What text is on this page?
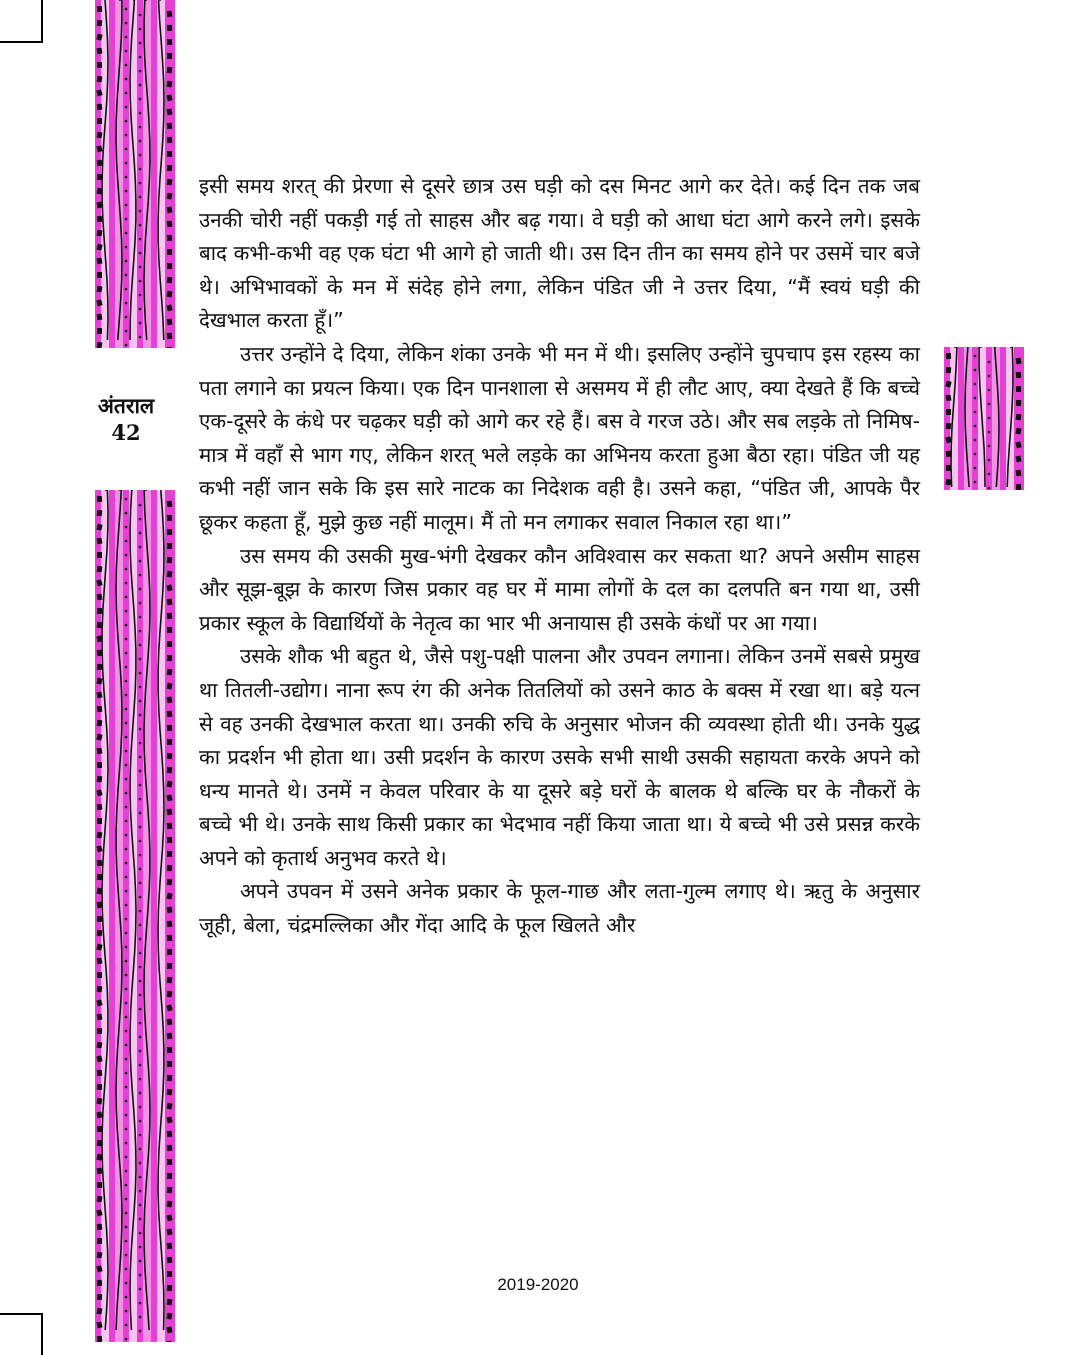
अंतराल
42

इसी समय शरत् की प्रेरणा से दूसरे छात्र उस घड़ी को दस मिनट आगे कर देते। कई दिन तक जब उनकी चोरी नहीं पकड़ी गई तो साहस और बढ़ गया। वे घड़ी को आधा घंटा आगे करने लगे। इसके बाद कभी-कभी वह एक घंटा भी आगे हो जाती थी। उस दिन तीन का समय होने पर उसमें चार बजे थे। अभिभावकों के मन में संदेह होने लगा, लेकिन पंडित जी ने उत्तर दिया, “मैं स्वयं घड़ी की देखभाल करता हूँ।”

उत्तर उन्होंने दे दिया, लेकिन शंका उनके भी मन में थी। इसलिए उन्होंने चुपचाप इस रहस्य का पता लगाने का प्रयत्न किया। एक दिन पानशाला से असमय में ही लौट आए, क्या देखते हैं कि बच्चे एक-दूसरे के कंधे पर चढ़कर घड़ी को आगे कर रहे हैं। बस वे गरज उठे। और सब लड़के तो निमिष-मात्र में वहाँ से भाग गए, लेकिन शरत् भले लड़के का अभिनय करता हुआ बैठा रहा। पंडित जी यह कभी नहीं जान सके कि इस सारे नाटक का निदेशक वही है। उसने कहा, “पंडित जी, आपके पैर छूकर कहता हूँ, मुझे कुछ नहीं मालूम। मैं तो मन लगाकर सवाल निकाल रहा था।”

उस समय की उसकी मुख-भंगी देखकर कौन अविश्वास कर सकता था? अपने असीम साहस और सूझ-बूझ के कारण जिस प्रकार वह घर में मामा लोगों के दल का दलपति बन गया था, उसी प्रकार स्कूल के विद्यार्थियों के नेतृत्व का भार भी अनायास ही उसके कंधों पर आ गया।

उसके शौक भी बहुत थे, जैसे पशु-पक्षी पालना और उपवन लगाना। लेकिन उनमें सबसे प्रमुख था तितली-उद्योग। नाना रूप रंग की अनेक तितलियों को उसने काठ के बक्स में रखा था। बड़े यत्न से वह उनकी देखभाल करता था। उनकी रुचि के अनुसार भोजन की व्यवस्था होती थी। उनके युद्ध का प्रदर्शन भी होता था। उसी प्रदर्शन के कारण उसके सभी साथी उसकी सहायता करके अपने को धन्य मानते थे। उनमें न केवल परिवार के या दूसरे बड़े घरों के बालक थे बल्कि घर के नौकरों के बच्चे भी थे। उनके साथ किसी प्रकार का भेदभाव नहीं किया जाता था। ये बच्चे भी उसे प्रसन्न करके अपने को कृतार्थ अनुभव करते थे।

अपने उपवन में उसने अनेक प्रकार के फूल-गाछ और लता-गुल्म लगाए थे। ऋतु के अनुसार जूही, बेला, चंद्रमल्लिका और गेंदा आदि के फूल खिलते और

2019-2020
